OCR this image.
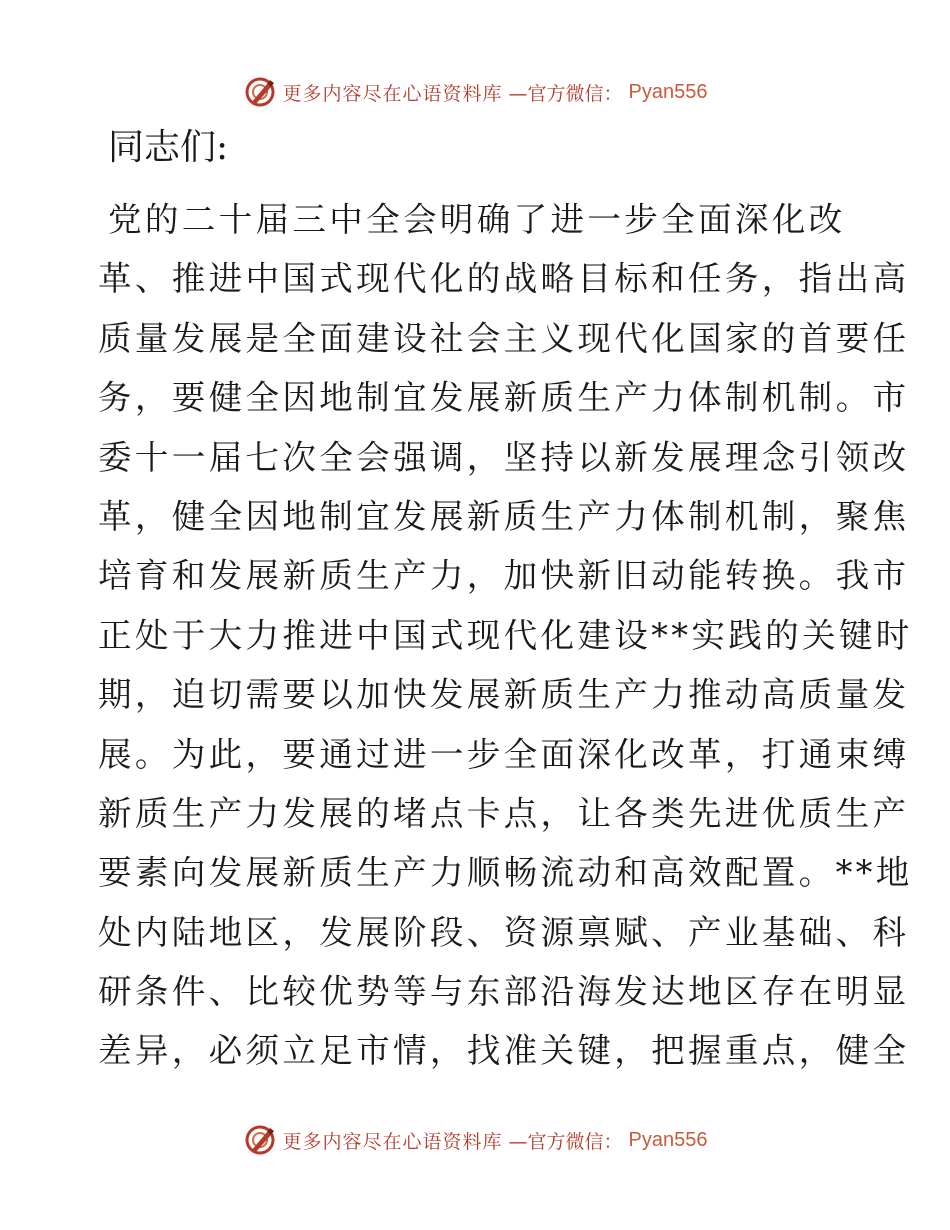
更多内容尽在心语资料库 —官方微信： Pyan556
同志们:
党的二十届三中全会明确了进一步全面深化改
革、推进中国式现代化的战略目标和任务，指出高
质量发展是全面建设社会主义现代化国家的首要任
务，要健全因地制宜发展新质生产力体制机制。市
委十一届七次全会强调，坚持以新发展理念引领改
革，健全因地制宜发展新质生产力体制机制，聚焦
培育和发展新质生产力，加快新旧动能转换。我市
正处于大力推进中国式现代化建设**实践的关键时
期，迫切需要以加快发展新质生产力推动高质量发
展。为此，要通过进一步全面深化改革，打通束缚
新质生产力发展的堵点卡点，让各类先进优质生产
要素向发展新质生产力顺畅流动和高效配置。**地
处内陆地区，发展阶段、资源禀赋、产业基础、科
研条件、比较优势等与东部沿海发达地区存在明显
差异，必须立足市情，找准关键，把握重点，健全
更多内容尽在心语资料库 —官方微信： Pyan556
